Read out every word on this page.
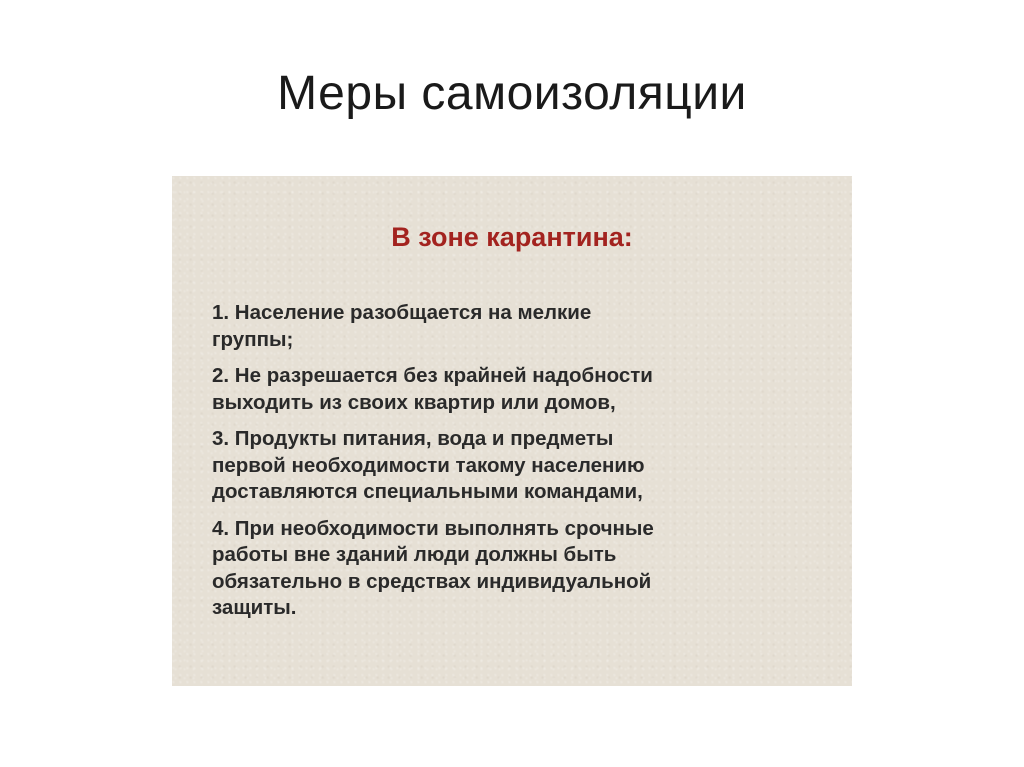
Меры самоизоляции
В зоне карантина:
1. Население разобщается на мелкие
группы;
2. Не разрешается без крайней надобности
выходить из своих квартир или домов,
3. Продукты питания, вода и предметы
первой необходимости такому населению
доставляются специальными командами,
4. При необходимости выполнять срочные
работы вне зданий люди должны быть
обязательно в средствах индивидуальной
защиты.
